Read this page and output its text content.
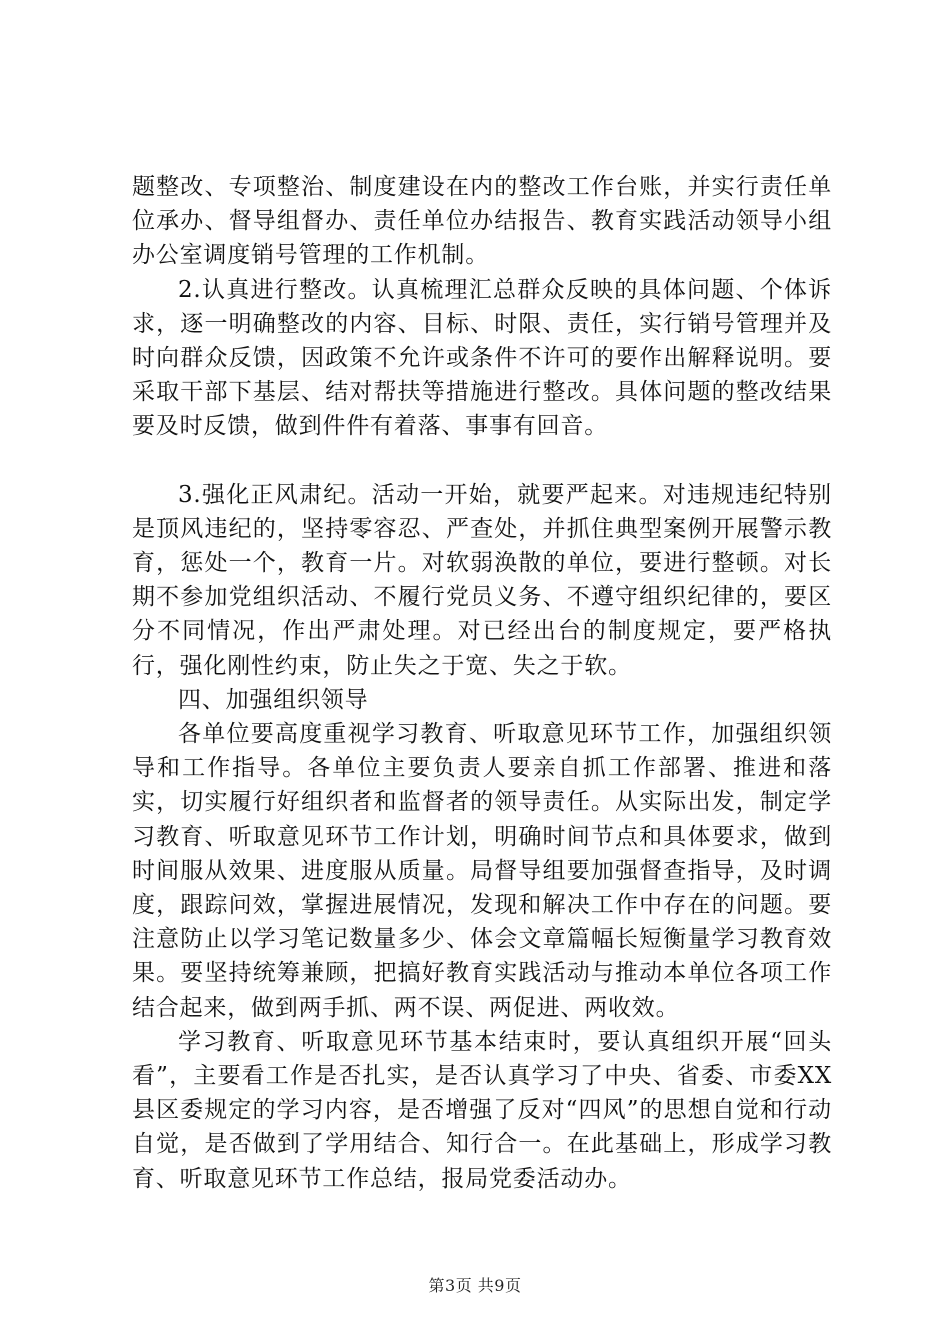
题整改、专项整治、制度建设在内的整改工作台账，并实行责任单位承办、督导组督办、责任单位办结报告、教育实践活动领导小组办公室调度销号管理的工作机制。

2.认真进行整改。认真梳理汇总群众反映的具体问题、个体诉求，逐一明确整改的内容、目标、时限、责任，实行销号管理并及时向群众反馈，因政策不允许或条件不许可的要作出解释说明。要采取干部下基层、结对帮扶等措施进行整改。具体问题的整改结果要及时反馈，做到件件有着落、事事有回音。

3.强化正风肃纪。活动一开始，就要严起来。对违规违纪特别是顶风违纪的，坚持零容忍、严查处，并抓住典型案例开展警示教育，惩处一个，教育一片。对软弱涣散的单位，要进行整顿。对长期不参加党组织活动、不履行党员义务、不遵守组织纪律的，要区分不同情况，作出严肃处理。对已经出台的制度规定，要严格执行，强化刚性约束，防止失之于宽、失之于软。

四、加强组织领导

各单位要高度重视学习教育、听取意见环节工作，加强组织领导和工作指导。各单位主要负责人要亲自抓工作部署、推进和落实，切实履行好组织者和监督者的领导责任。从实际出发，制定学习教育、听取意见环节工作计划，明确时间节点和具体要求，做到时间服从效果、进度服从质量。局督导组要加强督查指导，及时调度，跟踪问效，掌握进展情况，发现和解决工作中存在的问题。要注意防止以学习笔记数量多少、体会文章篇幅长短衡量学习教育效果。要坚持统筹兼顾，把搞好教育实践活动与推动本单位各项工作结合起来，做到两手抓、两不误、两促进、两收效。

学习教育、听取意见环节基本结束时，要认真组织开展“回头看”，主要看工作是否扎实，是否认真学习了中央、省委、市委XX县区委规定的学习内容，是否增强了反对“四风”的思想自觉和行动自觉，是否做到了学用结合、知行合一。在此基础上，形成学习教育、听取意见环节工作总结，报局党委活动办。

第3页 共9页
